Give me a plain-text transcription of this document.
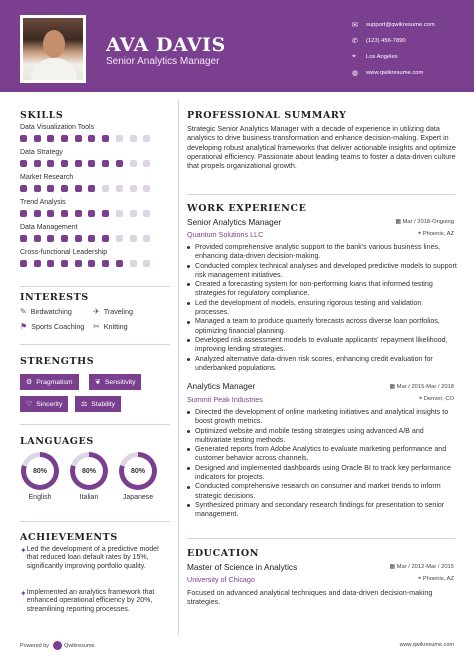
AVA DAVIS
Senior Analytics Manager
✉	support@qwikresume.com
✆	(123) 456-7890
⌖	Los Angeles
◍	www.qwikresume.com
SKILLS
Data Visualization Tools
Data Strategy
Market Research
Trend Analysis
Data Management
Cross-functional Leadership
INTERESTS
✎ Birdwatching	✈ Traveling
⚑ Sports Coaching ✂ Knitting
STRENGTHS
⚙ Pragmatism	❦ Sensitivity
♡ Sincerity	⚖ Stability
LANGUAGES
80%
English
80%
Italian
80%
Japanese
ACHIEVEMENTS
✦ Led the development of a predictive model that reduced loan default rates by 15%, significantly improving portfolio quality.
✦ Implemented an analytics framework that enhanced operational efficiency by 20%, streamlining reporting processes.
PROFESSIONAL SUMMARY
Strategic Senior Analytics Manager with a decade of experience in utilizing data analytics to drive business transformation and enhance decision-making. Expert in developing robust analytical frameworks that deliver actionable insights and optimize operational efficiency. Passionate about leading teams to foster a data-driven culture that propels organizational growth.
WORK EXPERIENCE
Senior Analytics Manager	▦ Mar / 2018-Ongoing
Quantum Solutions LLC	⌖ Phoenix, AZ
Provided comprehensive analytic support to the bank's various business lines, enhancing data-driven decision-making.
Conducted complex technical analyses and developed predictive models to support risk management initiatives.
Created a forecasting system for non-performing loans that informed testing strategies for regulatory compliance.
Led the development of models, ensuring rigorous testing and validation processes.
Managed a team to produce quarterly forecasts across diverse loan portfolios, optimizing financial planning.
Developed risk assessment models to evaluate applicants' repayment likelihood, improving lending strategies.
Analyzed alternative data-driven risk scores, enhancing credit evaluation for underbanked populations.
Analytics Manager	▦ Mar / 2015-Mar / 2018
Summit Peak Industries	⌖ Denver, CO
Directed the development of online marketing initiatives and analytical insights to boost growth metrics.
Optimized website and mobile testing strategies using advanced A/B and multivariate testing methods.
Generated reports from Adobe Analytics to evaluate marketing performance and customer behavior across channels.
Designed and implemented dashboards using Oracle BI to track key performance indicators for projects.
Conducted comprehensive research on consumer and market trends to inform strategic decisions.
Synthesized primary and secondary research findings for presentation to senior management.
EDUCATION
Master of Science in Analytics	▦ Mar / 2012-Mar / 2015
University of Chicago	⌖ Phoenix, AZ
Focused on advanced analytical techniques and data-driven decision-making strategies.
Powered by	Qwikresume	www.qwikresume.com
